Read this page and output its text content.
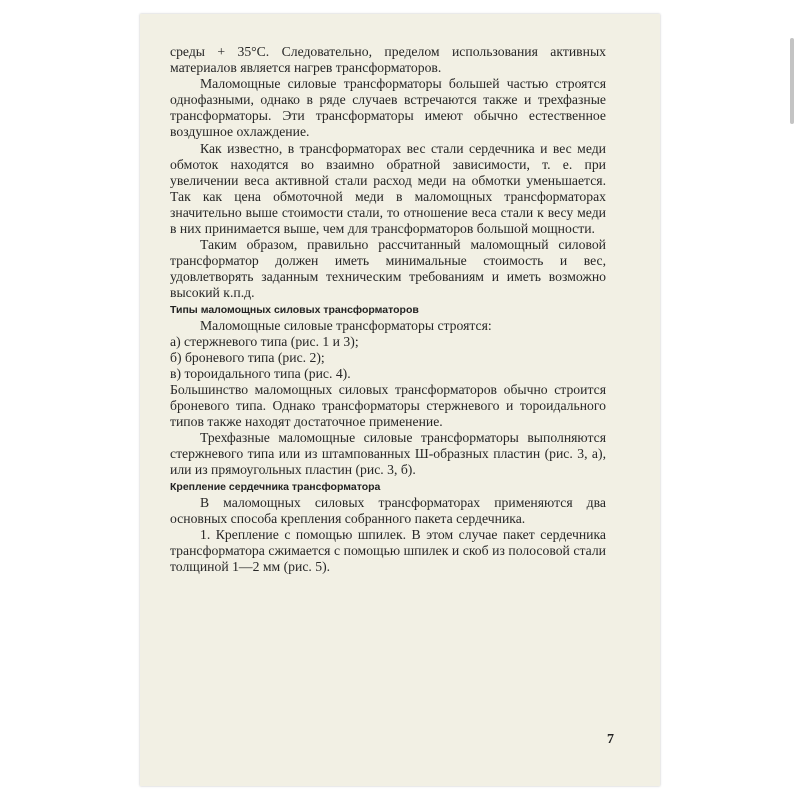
среды + 35°C. Следовательно, пределом использования активных материалов является нагрев трансформаторов.

Маломощные силовые трансформаторы большей частью строятся однофазными, однако в ряде случаев встречаются также и трехфазные трансформаторы. Эти трансформаторы имеют обычно естественное воздушное охлаждение.

Как известно, в трансформаторах вес стали сердечника и вес меди обмоток находятся во взаимно обратной зависимости, т. е. при увеличении веса активной стали расход меди на обмотки уменьшается. Так как цена обмоточной меди в маломощных трансформаторах значительно выше стоимости стали, то отношение веса стали к весу меди в них принимается выше, чем для трансформаторов большой мощности.

Таким образом, правильно рассчитанный маломощный силовой трансформатор должен иметь минимальные стоимость и вес, удовлетворять заданным техническим требованиям и иметь возможно высокий к.п.д.

Типы маломощных силовых трансформаторов

Маломощные силовые трансформаторы строятся:

а) стержневого типа (рис. 1 и 3);

б) броневого типа (рис. 2);

в) тороидального типа (рис. 4).

Большинство маломощных силовых трансформаторов обычно строится броневого типа. Однако трансформаторы стержневого и тороидального типов также находят достаточное применение.

Трехфазные маломощные силовые трансформаторы выполняются стержневого типа или из штампованных Ш-образных пластин (рис. 3, а), или из прямоугольных пластин (рис. 3, б).

Крепление сердечника трансформатора

В маломощных силовых трансформаторах применяются два основных способа крепления собранного пакета сердечника.

1. Крепление с помощью шпилек. В этом случае пакет сердечника трансформатора сжимается с помощью шпилек и скоб из полосовой стали толщиной 1—2 мм (рис. 5).

7
